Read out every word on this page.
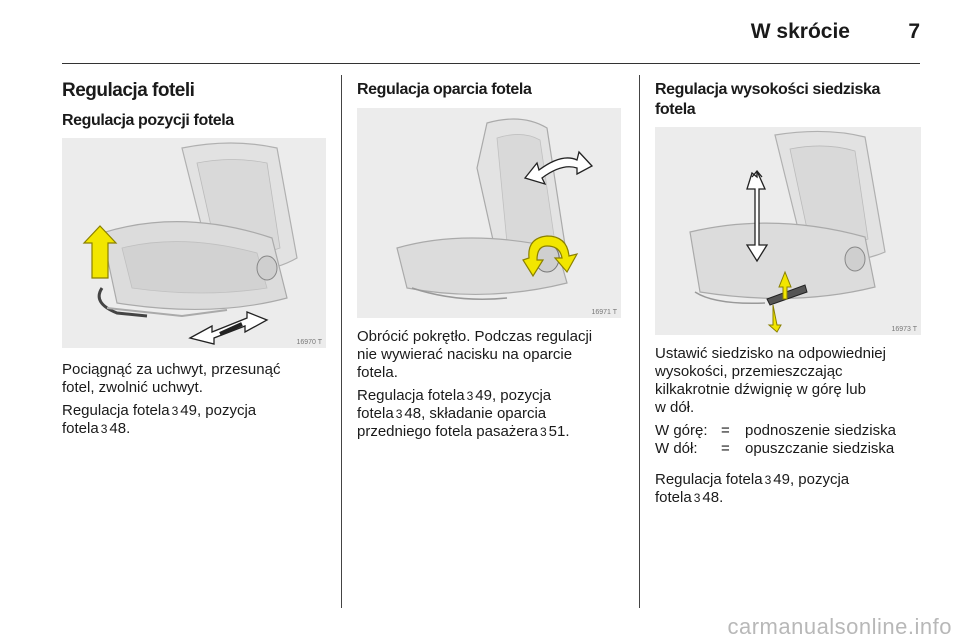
W skrócie	7
Regulacja foteli
Regulacja pozycji fotela
16970 T
Pociągnąć za uchwyt, przesunąć
fotel, zwolnić uchwyt.
Regulacja fotela 3 49, pozycja
fotela 3 48.
Regulacja oparcia fotela
16971 T
Obrócić pokrętło. Podczas regulacji
nie wywierać nacisku na oparcie
fotela.
Regulacja fotela 3 49, pozycja
fotela 3 48, składanie oparcia
przedniego fotela pasażera 3 51.
Regulacja wysokości siedziska
fotela
16973 T
Ustawić siedzisko na odpowiedniej
wysokości, przemieszczając
kilkakrotnie dźwignię w górę lub
w dół.
W górę: =	podnoszenie siedziska
W dół:	=	opuszczanie siedziska
Regulacja fotela 3 49, pozycja
fotela 3 48.
carmanualsonline.info
